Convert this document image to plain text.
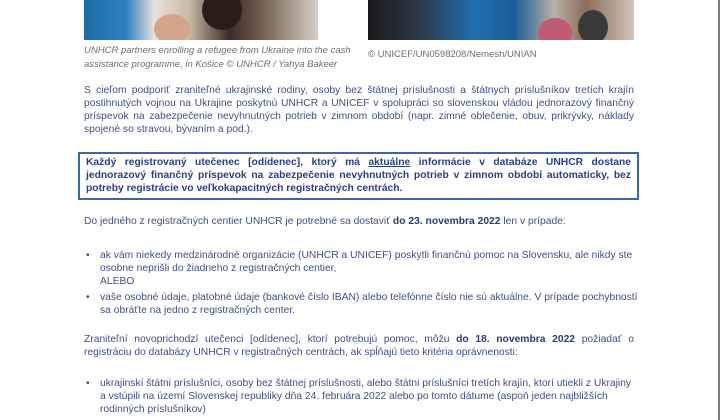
UNHCR partners enrolling a refugee from Ukraine into the cash assistance programme, in Košice © UNHCR / Yahya Bakeer
© UNICEF/UN0598208/Nemesh/UNIAN
S cieľom podporiť zraniteľné ukrajinské rodiny, osoby bez štátnej príslušnosti a štátnych príslušníkov tretích krajín postihnutých vojnou na Ukrajine poskytnú UNHCR a UNICEF v spolupráci so slovenskou vládou jednorazový finančný príspevok na zabezpečenie nevyhnutných potrieb v zimnom období (napr. zimné oblečenie, obuv, prikrývky, náklady spojené so stravou, bývaním a pod.).
Každý registrovaný utečenec [odídenec], ktorý má aktuálne informácie v databáze UNHCR dostane jednorazový finančný príspevok na zabezpečenie nevyhnutných potrieb v zimnom období automaticky, bez potreby registrácie vo veľkokapacitných registračných centrách.
Do jedného z registračných centier UNHCR je potrebné sa dostaviť do 23. novembra 2022 len v prípade:
• ak vám niekedy medzinárodné organizácie (UNHCR a UNICEF) poskytli finančnú pomoc na Slovensku, ale nikdy ste osobne neprišli do žiadneho z registračných centier,
ALEBO
• vaše osobné údaje, platobné údaje (bankové číslo IBAN) alebo telefónne číslo nie sú aktuálne. V prípade pochybností sa obráťte na jedno z registračných center.
Zraniteľní novoprichodzí utečenci [odídenec], ktorí potrebujú pomoc, môžu do 18. novembra 2022 požiadať o registráciu do databázy UNHCR v registračných centrách, ak spĺňajú tieto kritéria oprávnenosti:
• ukrajinskí štátni príslušníci, osoby bez štátnej príslušnosti, alebo štátni príslušníci tretích krajín, ktorí utiekli z Ukrajiny a vstúpili na území Slovenskej republiky dňa 24. februára 2022 alebo po tomto dátume (aspoň jeden najbližších rodinných príslušníkov)
